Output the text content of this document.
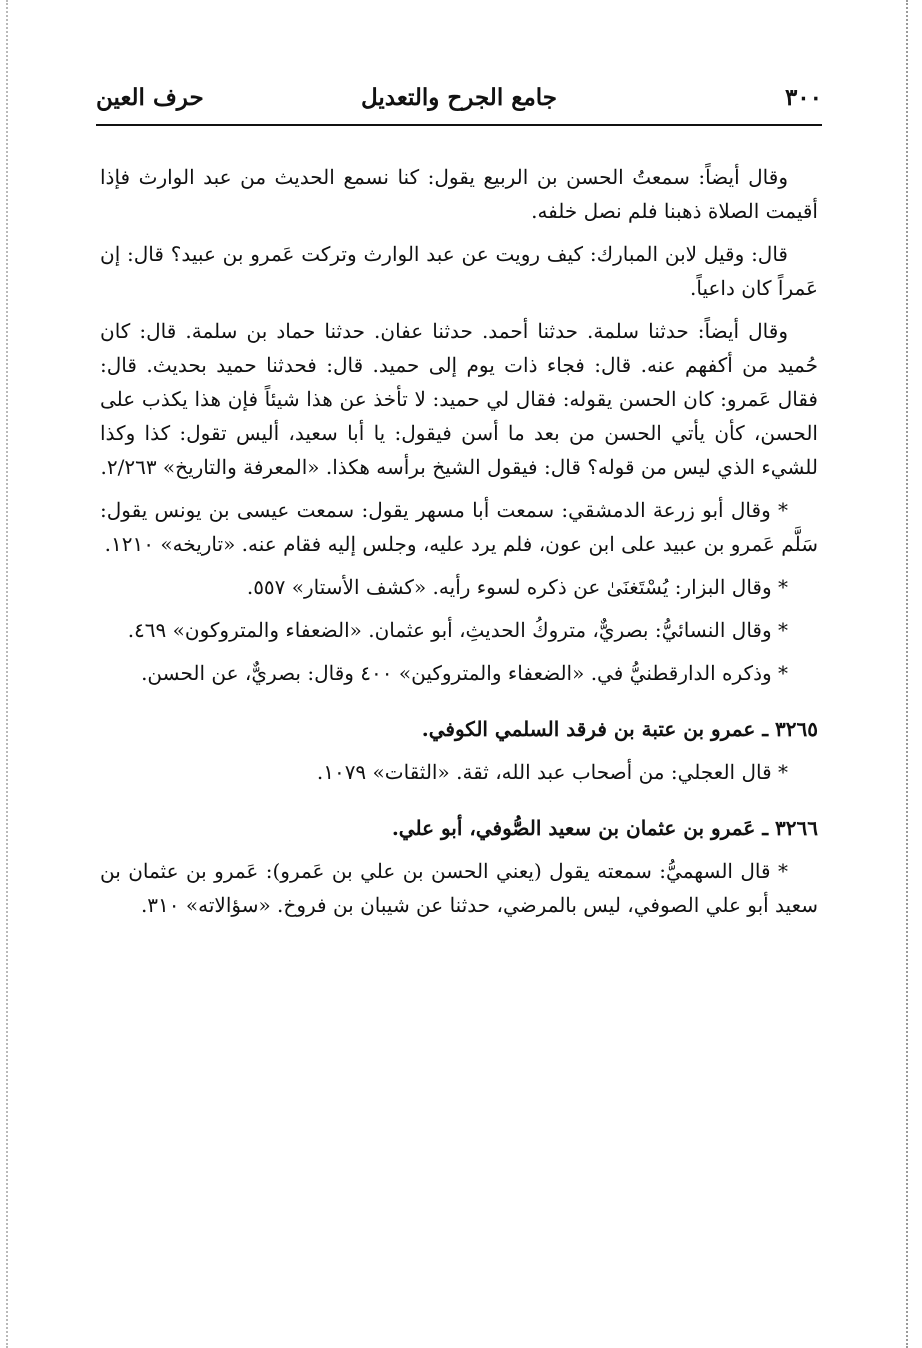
٣٠٠
جامع الجرح والتعديل
حرف العين

وقال أيضاً: سمعتُ الحسن بن الربيع يقول: كنا نسمع الحديث من عبد الوارث فإذا أقيمت الصلاة ذهبنا فلم نصل خلفه.

قال: وقيل لابن المبارك: كيف رويت عن عبد الوارث وتركت عَمرو بن عبيد؟ قال: إن عَمراً كان داعياً.

وقال أيضاً: حدثنا سلمة. حدثنا أحمد. حدثنا عفان. حدثنا حماد بن سلمة. قال: كان حُميد من أكفهم عنه. قال: فجاء ذات يوم إلى حميد. قال: فحدثنا حميد بحديث. قال: فقال عَمرو: كان الحسن يقوله: فقال لي حميد: لا تأخذ عن هذا شيئاً فإن هذا يكذب على الحسن، كأن يأتي الحسن من بعد ما أسن فيقول: يا أبا سعيد، أليس تقول: كذا وكذا للشيء الذي ليس من قوله؟ قال: فيقول الشيخ برأسه هكذا. «المعرفة والتاريخ» ٢/٢٦٣.

* وقال أبو زرعة الدمشقي: سمعت أبا مسهر يقول: سمعت عيسى بن يونس يقول: سَلَّم عَمرو بن عبيد على ابن عون، فلم يرد عليه، وجلس إليه فقام عنه. «تاريخه» ١٢١٠.

* وقال البزار: يُسْتَغنَىٰ عن ذكره لسوء رأيه. «كشف الأستار» ٥٥٧.

* وقال النسائيُّ: بصريٌّ، متروكُ الحديثِ، أبو عثمان. «الضعفاء والمتروكون» ٤٦٩.

* وذكره الدارقطنيُّ في. «الضعفاء والمتروكين» ٤٠٠ وقال: بصريٌّ، عن الحسن.

٣٢٦٥ ـ عمرو بن عتبة بن فرقد السلمي الكوفي.

* قال العجلي: من أصحاب عبد الله، ثقة. «الثقات» ١٠٧٩.

٣٢٦٦ ـ عَمرو بن عثمان بن سعيد الصُّوفي، أبو علي.

* قال السهميُّ: سمعته يقول (يعني الحسن بن علي بن عَمرو): عَمرو بن عثمان بن سعيد أبو علي الصوفي، ليس بالمرضي، حدثنا عن شيبان بن فروخ. «سؤالاته» ٣١٠.
